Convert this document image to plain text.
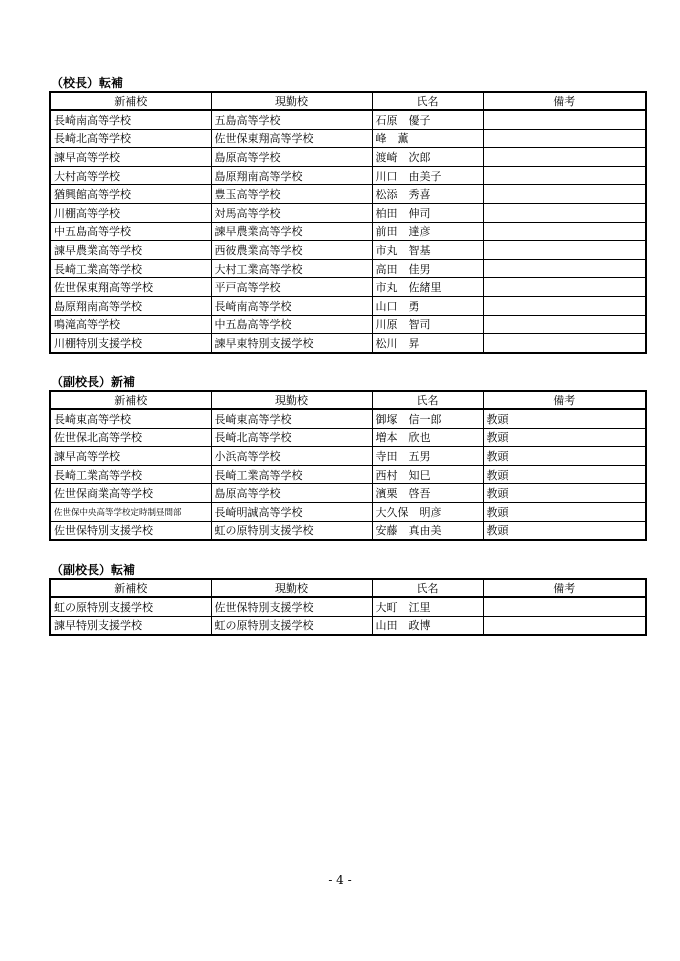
（校長）転補
新補校	現勤校	氏名	備考
長崎南高等学校	五島高等学校	石原　優子	
長崎北高等学校	佐世保東翔高等学校	峰　薫	
諫早高等学校	島原高等学校	渡崎　次郎	
大村高等学校	島原翔南高等学校	川口　由美子	
猶興館高等学校	豊玉高等学校	松添　秀喜	
川棚高等学校	対馬高等学校	柏田　伸司	
中五島高等学校	諫早農業高等学校	前田　達彦	
諫早農業高等学校	西彼農業高等学校	市丸　智基	
長崎工業高等学校	大村工業高等学校	高田　佳男	
佐世保東翔高等学校	平戸高等学校	市丸　佐緒里	
島原翔南高等学校	長崎南高等学校	山口　勇	
鳴滝高等学校	中五島高等学校	川原　智司	
川棚特別支援学校	諫早東特別支援学校	松川　昇	
（副校長）新補
新補校	現勤校	氏名	備考
長崎東高等学校	長崎東高等学校	御塚　信一郎	教頭
佐世保北高等学校	長崎北高等学校	増本　欣也	教頭
諫早高等学校	小浜高等学校	寺田　五男	教頭
長崎工業高等学校	長崎工業高等学校	西村　知巳	教頭
佐世保商業高等学校	島原高等学校	濱栗　啓吾	教頭
佐世保中央高等学校定時制昼間部	長崎明誠高等学校	大久保　明彦	教頭
佐世保特別支援学校	虹の原特別支援学校	安藤　真由美	教頭
（副校長）転補
新補校	現勤校	氏名	備考
虹の原特別支援学校	佐世保特別支援学校	大町　江里	
諫早特別支援学校	虹の原特別支援学校	山田　政博	
- 4 -
